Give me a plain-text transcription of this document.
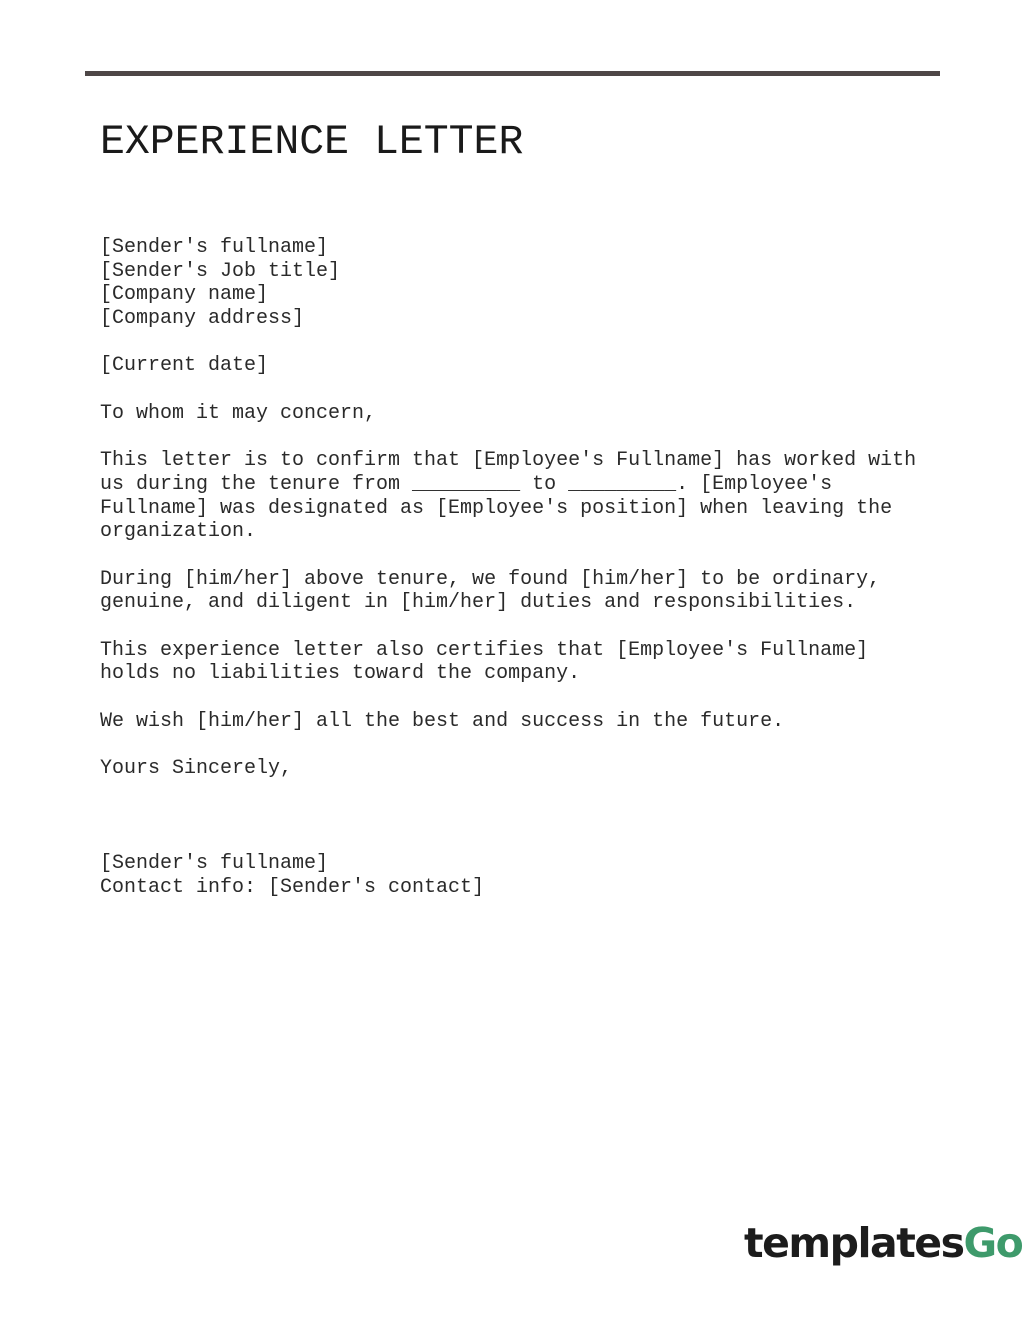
EXPERIENCE LETTER
[Sender's fullname]
[Sender's Job title]
[Company name]
[Company address]
[Current date]
To whom it may concern,
This letter is to confirm that [Employee's Fullname] has worked with
us during the tenure from _________ to _________. [Employee's
Fullname] was designated as [Employee's position] when leaving the
organization.
During [him/her] above tenure, we found [him/her] to be ordinary,
genuine, and diligent in [him/her] duties and responsibilities.
This experience letter also certifies that [Employee's Fullname]
holds no liabilities toward the company.
We wish [him/her] all the best and success in the future.
Yours Sincerely,
[Sender's fullname]
Contact info: [Sender's contact]
templatesGo
